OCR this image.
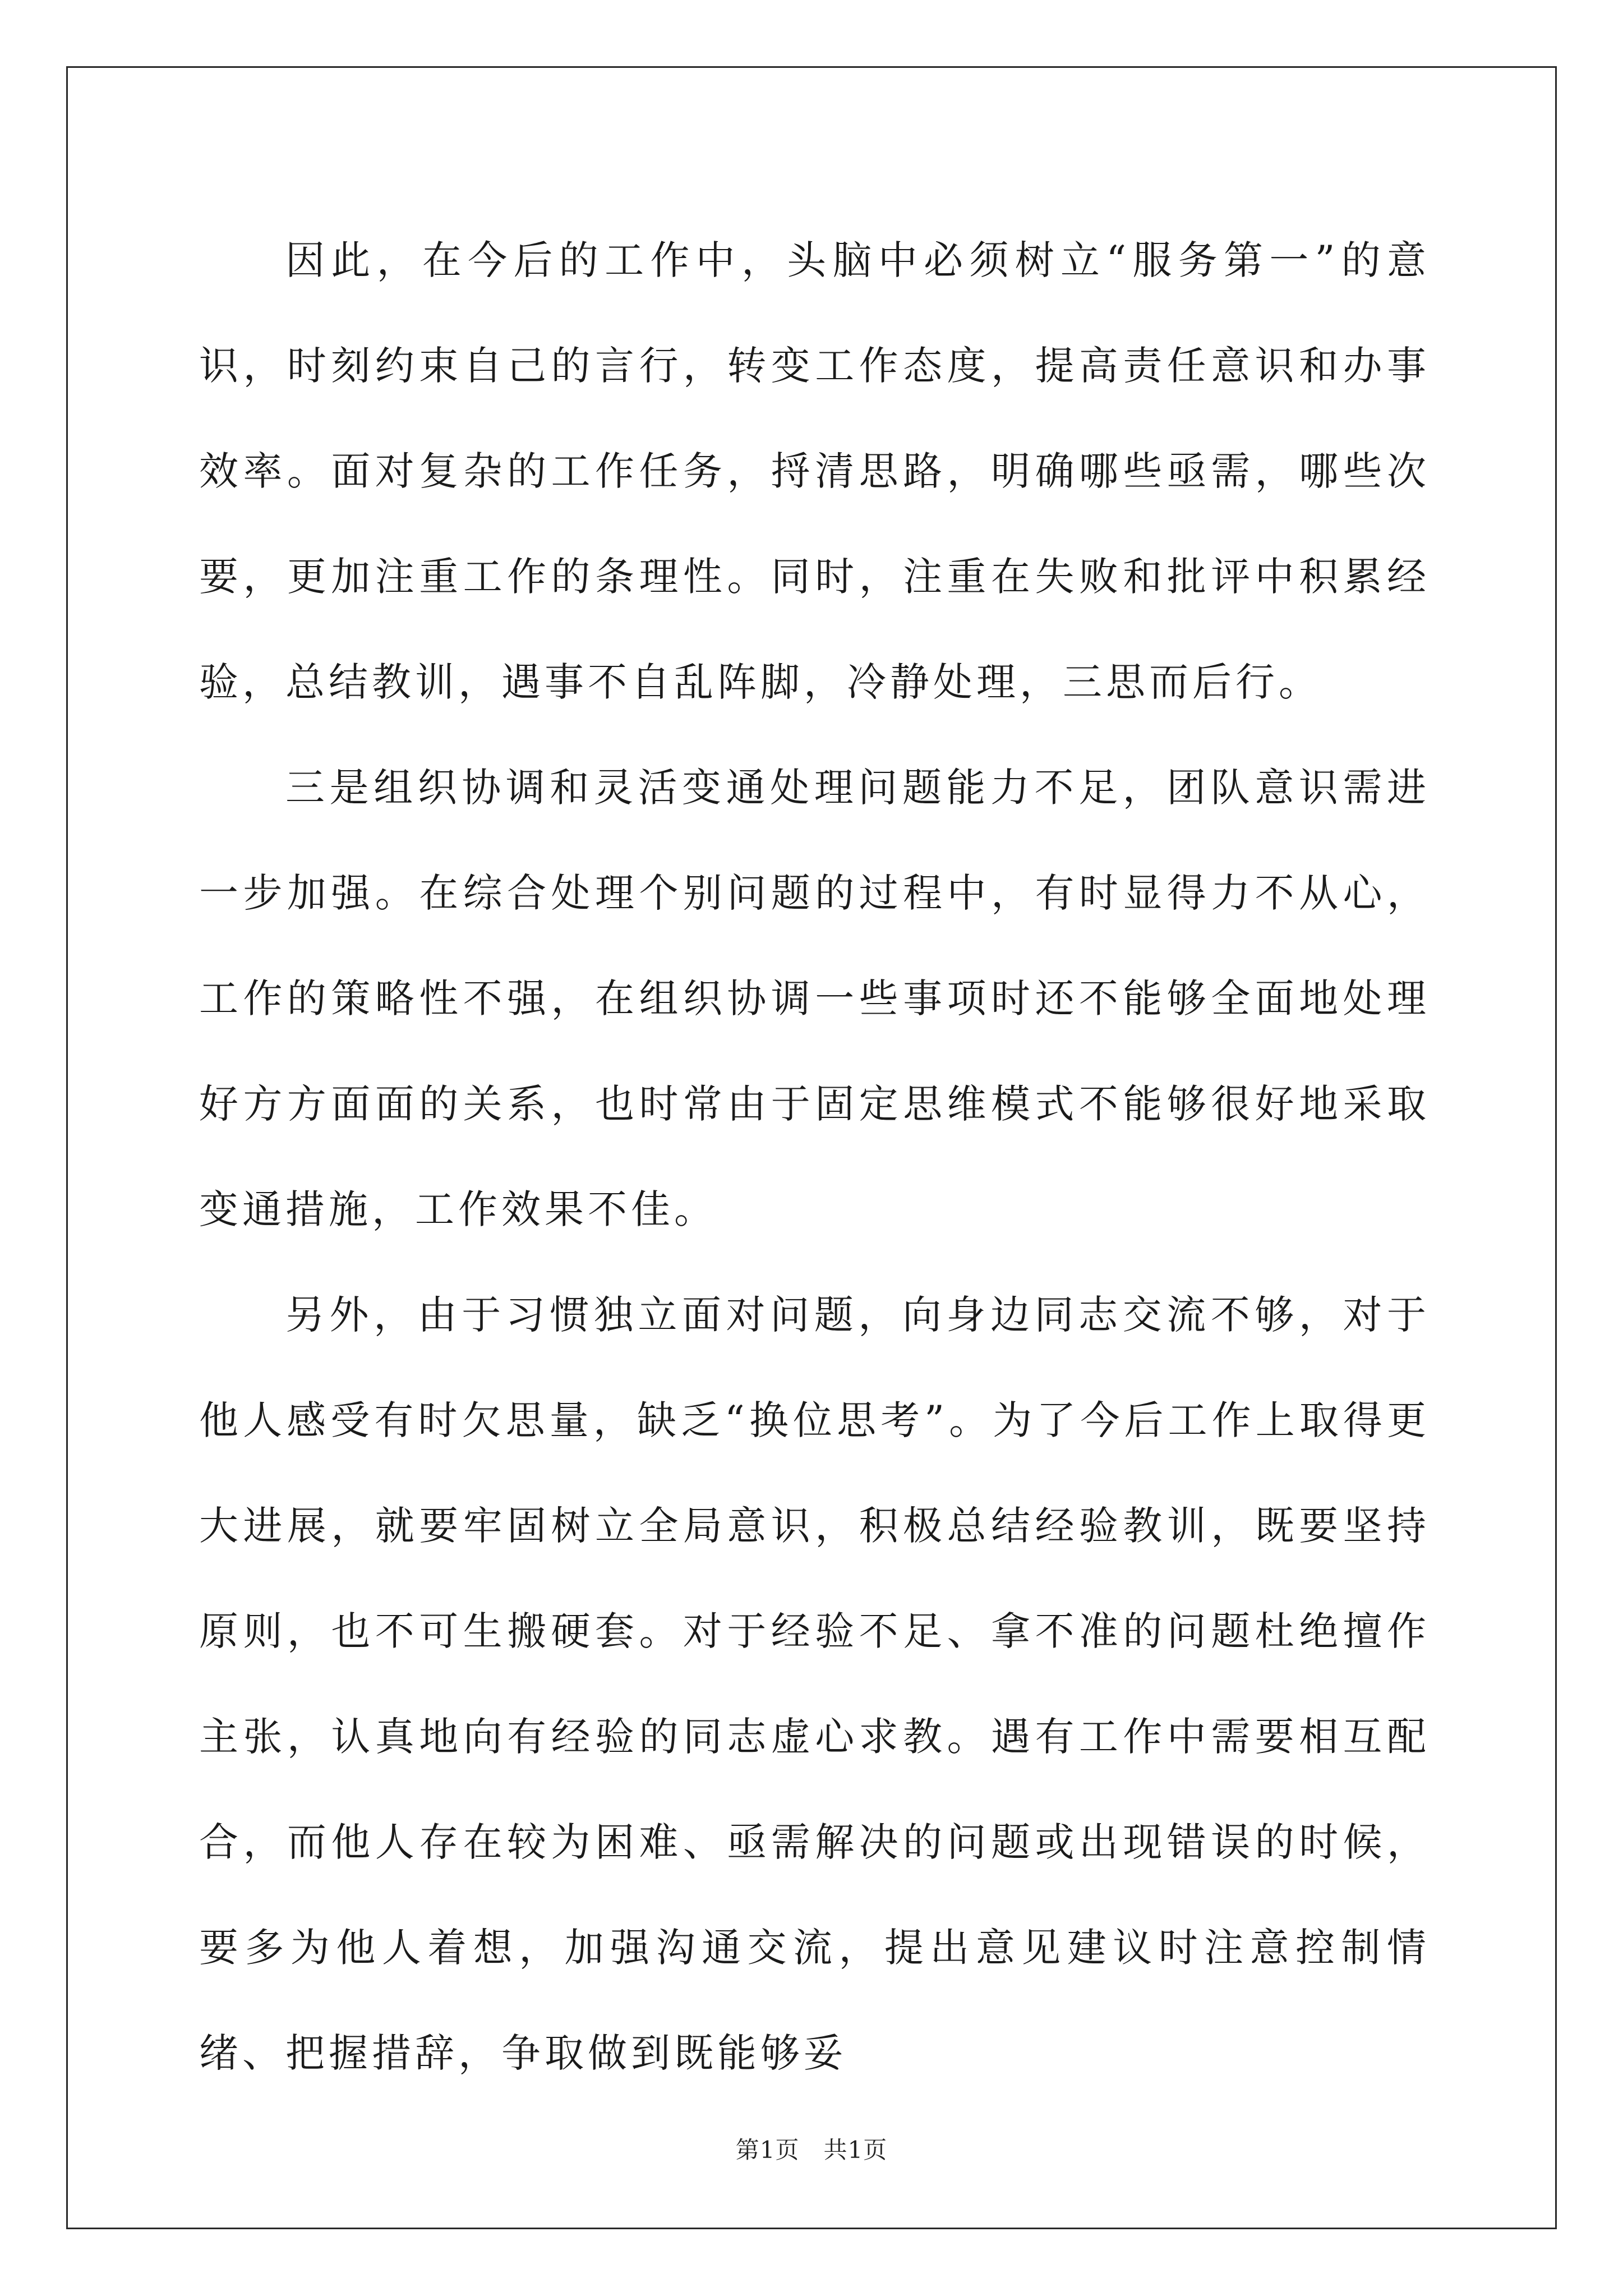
因此，在今后的工作中，头脑中必须树立“服务第一”的意识，时刻约束自己的言行，转变工作态度，提高责任意识和办事效率。面对复杂的工作任务，捋清思路，明确哪些亟需，哪些次要，更加注重工作的条理性。同时，注重在失败和批评中积累经验，总结教训，遇事不自乱阵脚，冷静处理，三思而后行。

三是组织协调和灵活变通处理问题能力不足，团队意识需进一步加强。在综合处理个别问题的过程中，有时显得力不从心，工作的策略性不强，在组织协调一些事项时还不能够全面地处理好方方面面的关系，也时常由于固定思维模式不能够很好地采取变通措施，工作效果不佳。

另外，由于习惯独立面对问题，向身边同志交流不够，对于他人感受有时欠思量，缺乏“换位思考”。为了今后工作上取得更大进展，就要牢固树立全局意识，积极总结经验教训，既要坚持原则，也不可生搬硬套。对于经验不足、拿不准的问题杜绝擅作主张，认真地向有经验的同志虚心求教。遇有工作中需要相互配合，而他人存在较为困难、亟需解决的问题或出现错误的时候，要多为他人着想，加强沟通交流，提出意见建议时注意控制情绪、把握措辞，争取做到既能够妥

第1页　共1页
